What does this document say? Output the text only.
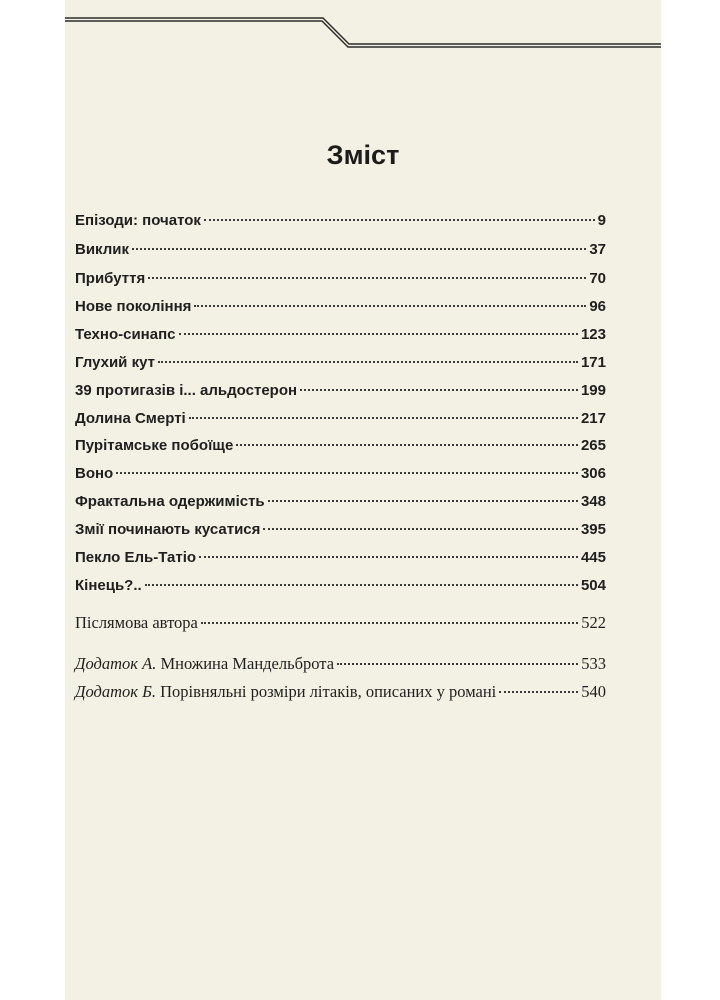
Зміст
Епізоди: початок	9
Виклик	37
Прибуття	70
Нове покоління	96
Техно-синапс	123
Глухий кут	171
39 протигазів і... альдостерон	199
Долина Смерті	217
Пурітамське побоїще	265
Воно	306
Фрактальна одержимість	348
Змії починають кусатися	395
Пекло Ель-Татіо	445
Кінець?..	504
Післямова автора	522
Додаток А. Множина Мандельброта	533
Додаток Б. Порівняльні розміри літаків, описаних у романі	540
